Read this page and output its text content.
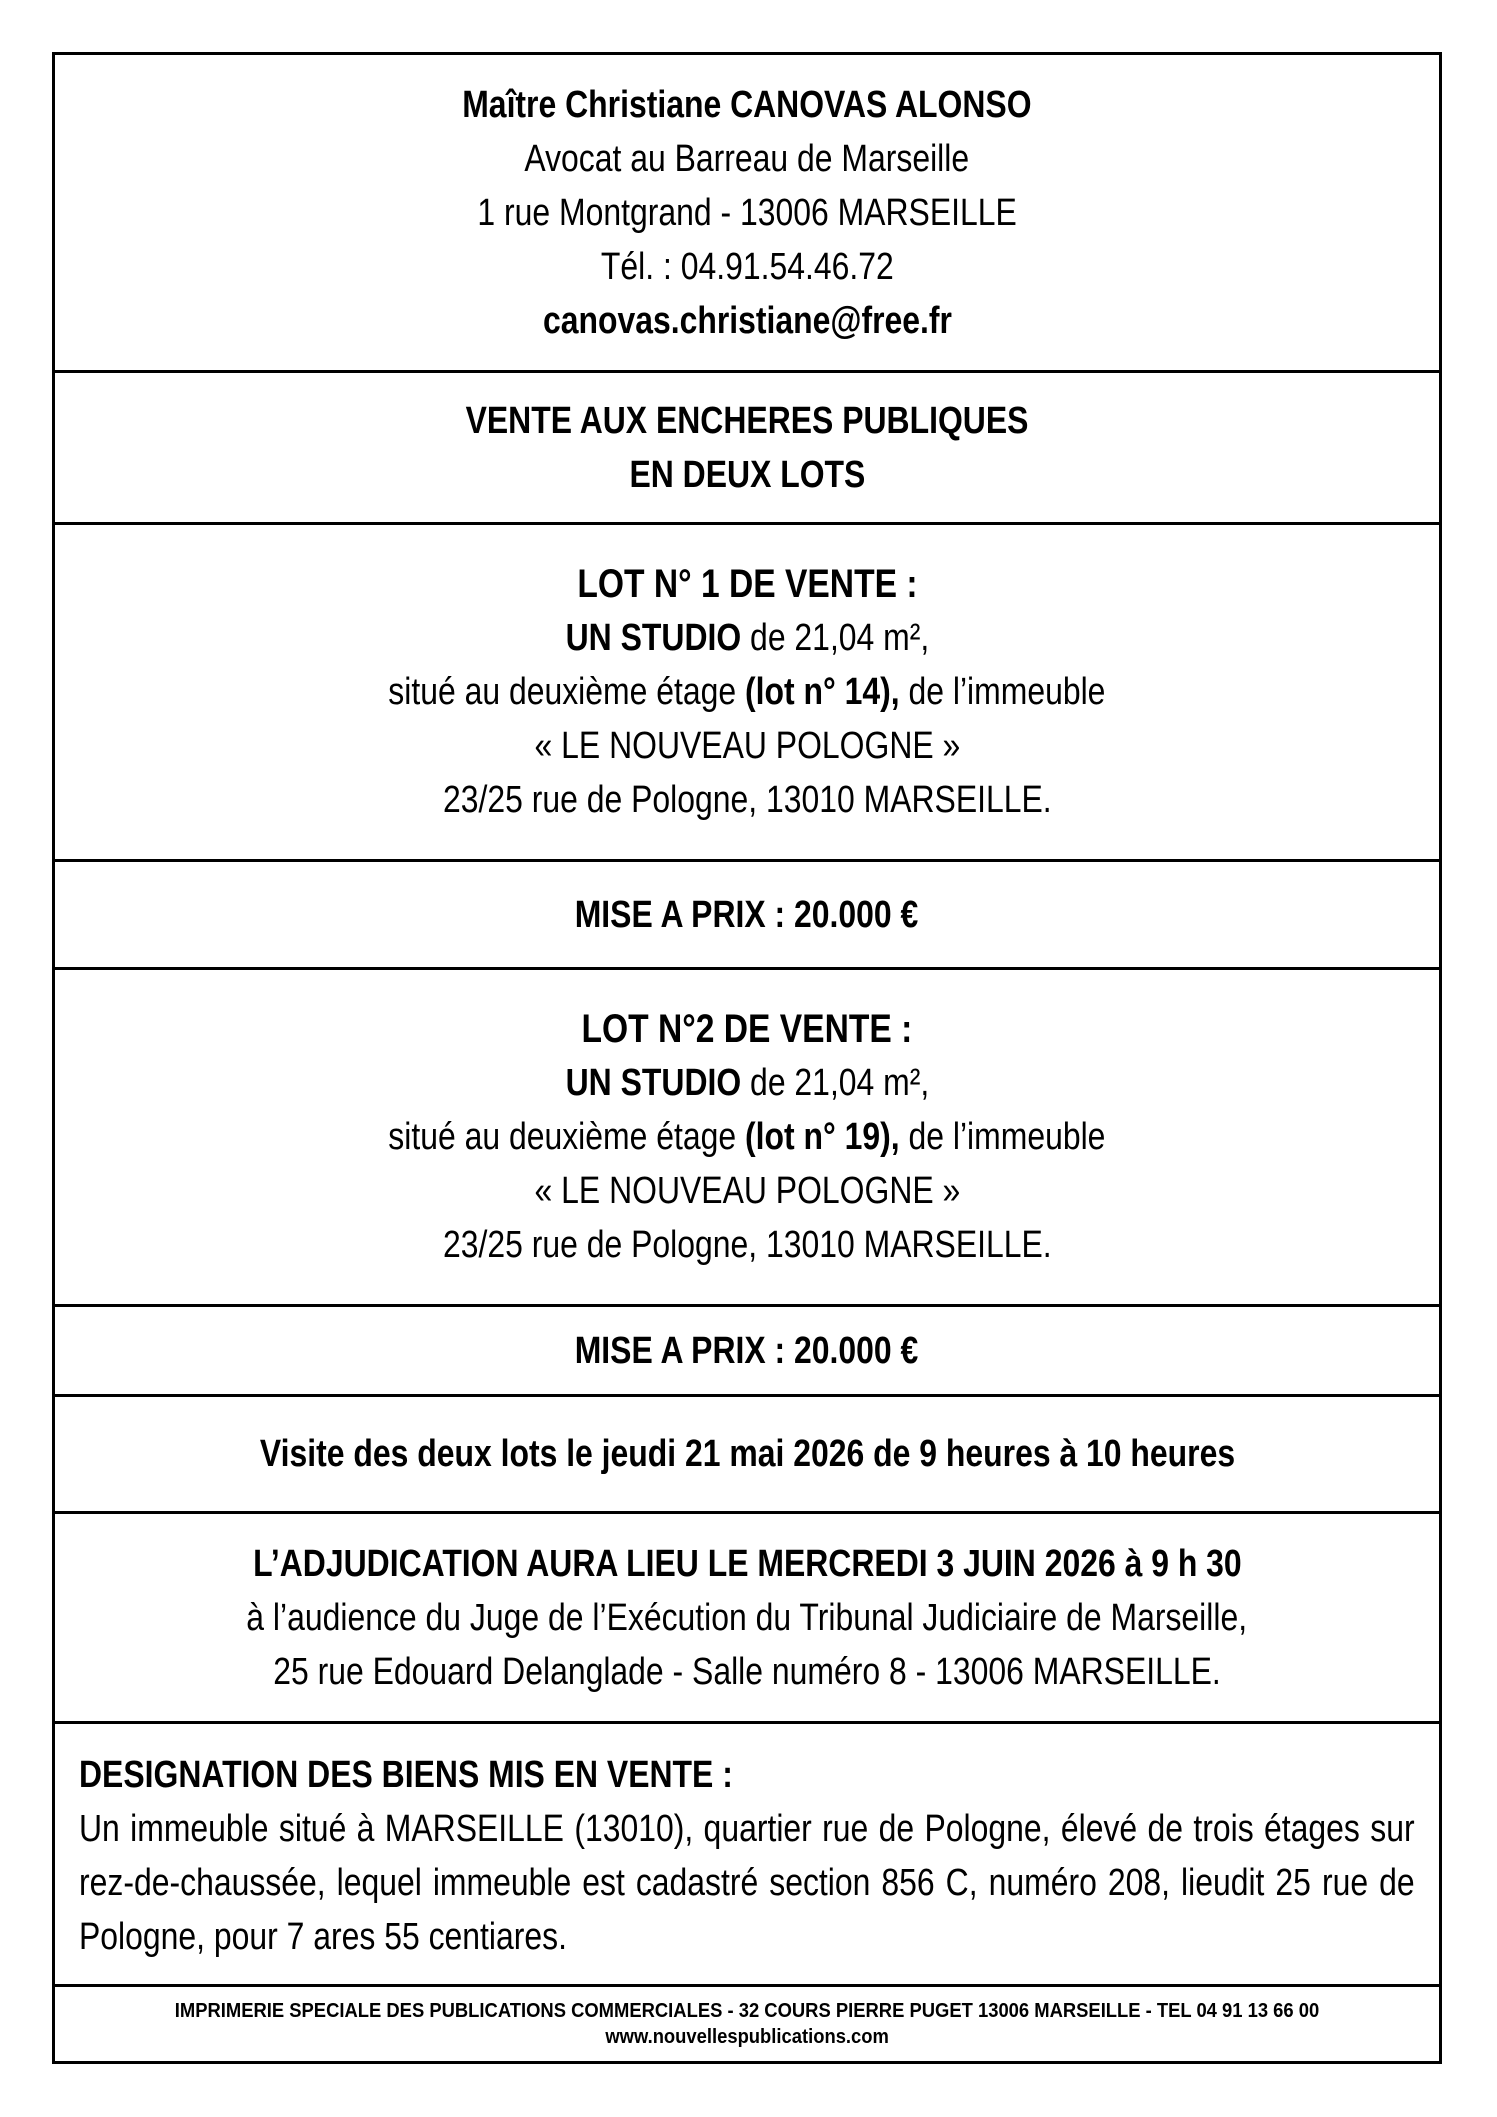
Maître Christiane CANOVAS ALONSO
Avocat au Barreau de Marseille
1 rue Montgrand - 13006 MARSEILLE
Tél. : 04.91.54.46.72
canovas.christiane@free.fr
VENTE AUX ENCHERES PUBLIQUES
EN DEUX LOTS
LOT N° 1 DE VENTE :
UN STUDIO de 21,04 m²,
situé au deuxième étage (lot n° 14), de l’immeuble
« LE NOUVEAU POLOGNE »
23/25 rue de Pologne, 13010 MARSEILLE.
MISE A PRIX : 20.000 €
LOT N°2 DE VENTE :
UN STUDIO de 21,04 m²,
situé au deuxième étage (lot n° 19), de l’immeuble
« LE NOUVEAU POLOGNE »
23/25 rue de Pologne, 13010 MARSEILLE.
MISE A PRIX : 20.000 €
Visite des deux lots le jeudi 21 mai 2026 de 9 heures à 10 heures
L’ADJUDICATION AURA LIEU LE MERCREDI 3 JUIN 2026 à 9 h 30
à l’audience du Juge de l’Exécution du Tribunal Judiciaire de Marseille,
25 rue Edouard Delanglade - Salle numéro 8 - 13006 MARSEILLE.
DESIGNATION DES BIENS MIS EN VENTE :
Un immeuble situé à MARSEILLE (13010), quartier rue de Pologne, élevé de trois étages sur rez-de-chaussée, lequel immeuble est cadastré section 856 C, numéro 208, lieudit 25 rue de Pologne, pour 7 ares 55 centiares.
IMPRIMERIE SPECIALE DES PUBLICATIONS COMMERCIALES - 32 COURS PIERRE PUGET 13006 MARSEILLE - TEL 04 91 13 66 00
www.nouvellespublications.com
